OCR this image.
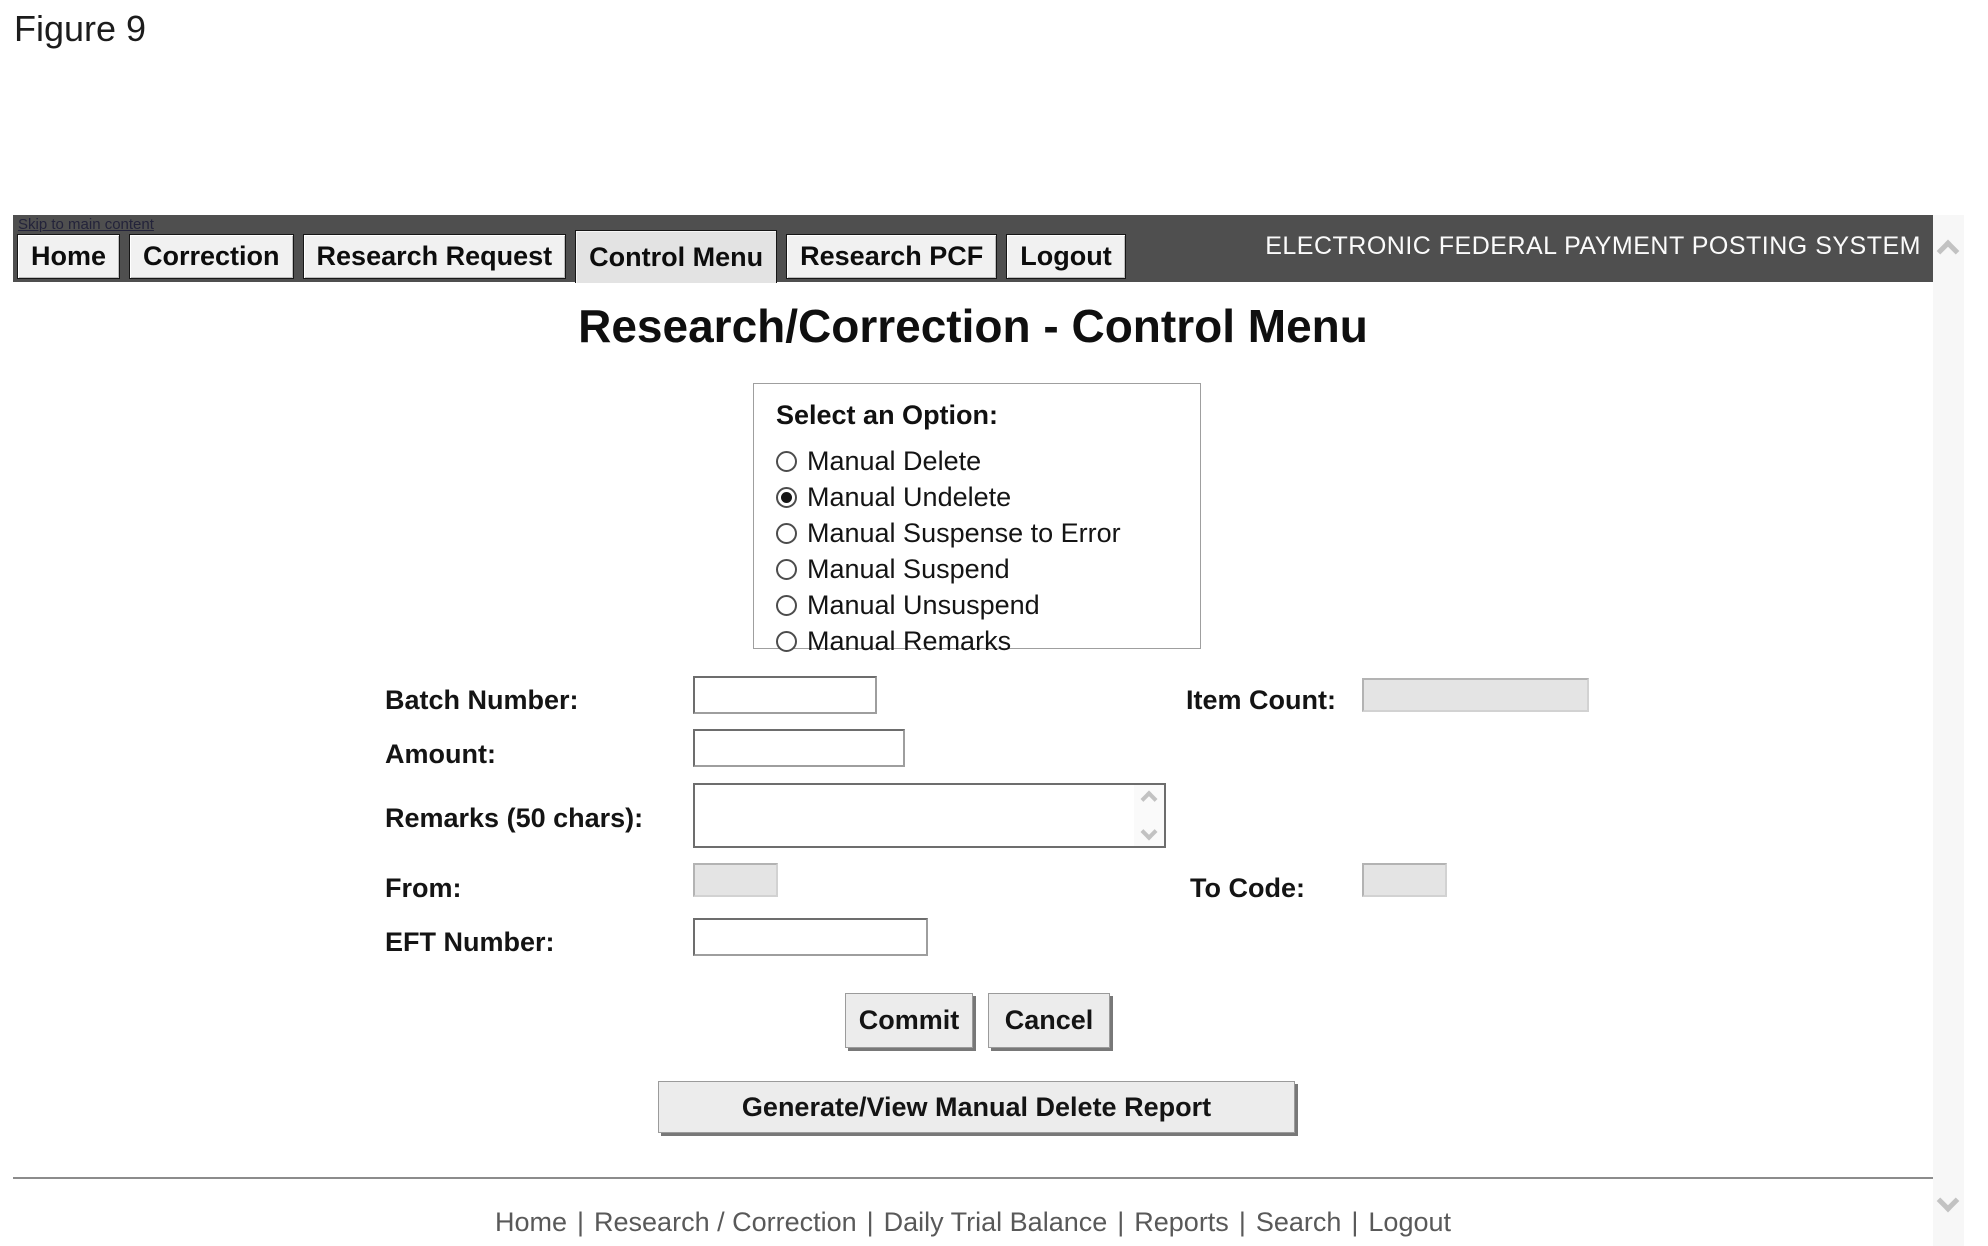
Figure 9
Skip to main content
Home	Correction	Research Request	Control Menu	Research PCF	Logout	ELECTRONIC FEDERAL PAYMENT POSTING SYSTEM
Research/Correction - Control Menu
Select an Option:
Manual Delete
Manual Undelete
Manual Suspense to Error
Manual Suspend
Manual Unsuspend
Manual Remarks
Batch Number:	Item Count:
Amount:
Remarks (50 chars):
From:	To Code:
EFT Number:
Commit	Cancel
Generate/View Manual Delete Report
Home | Research / Correction | Daily Trial Balance | Reports | Search | Logout
